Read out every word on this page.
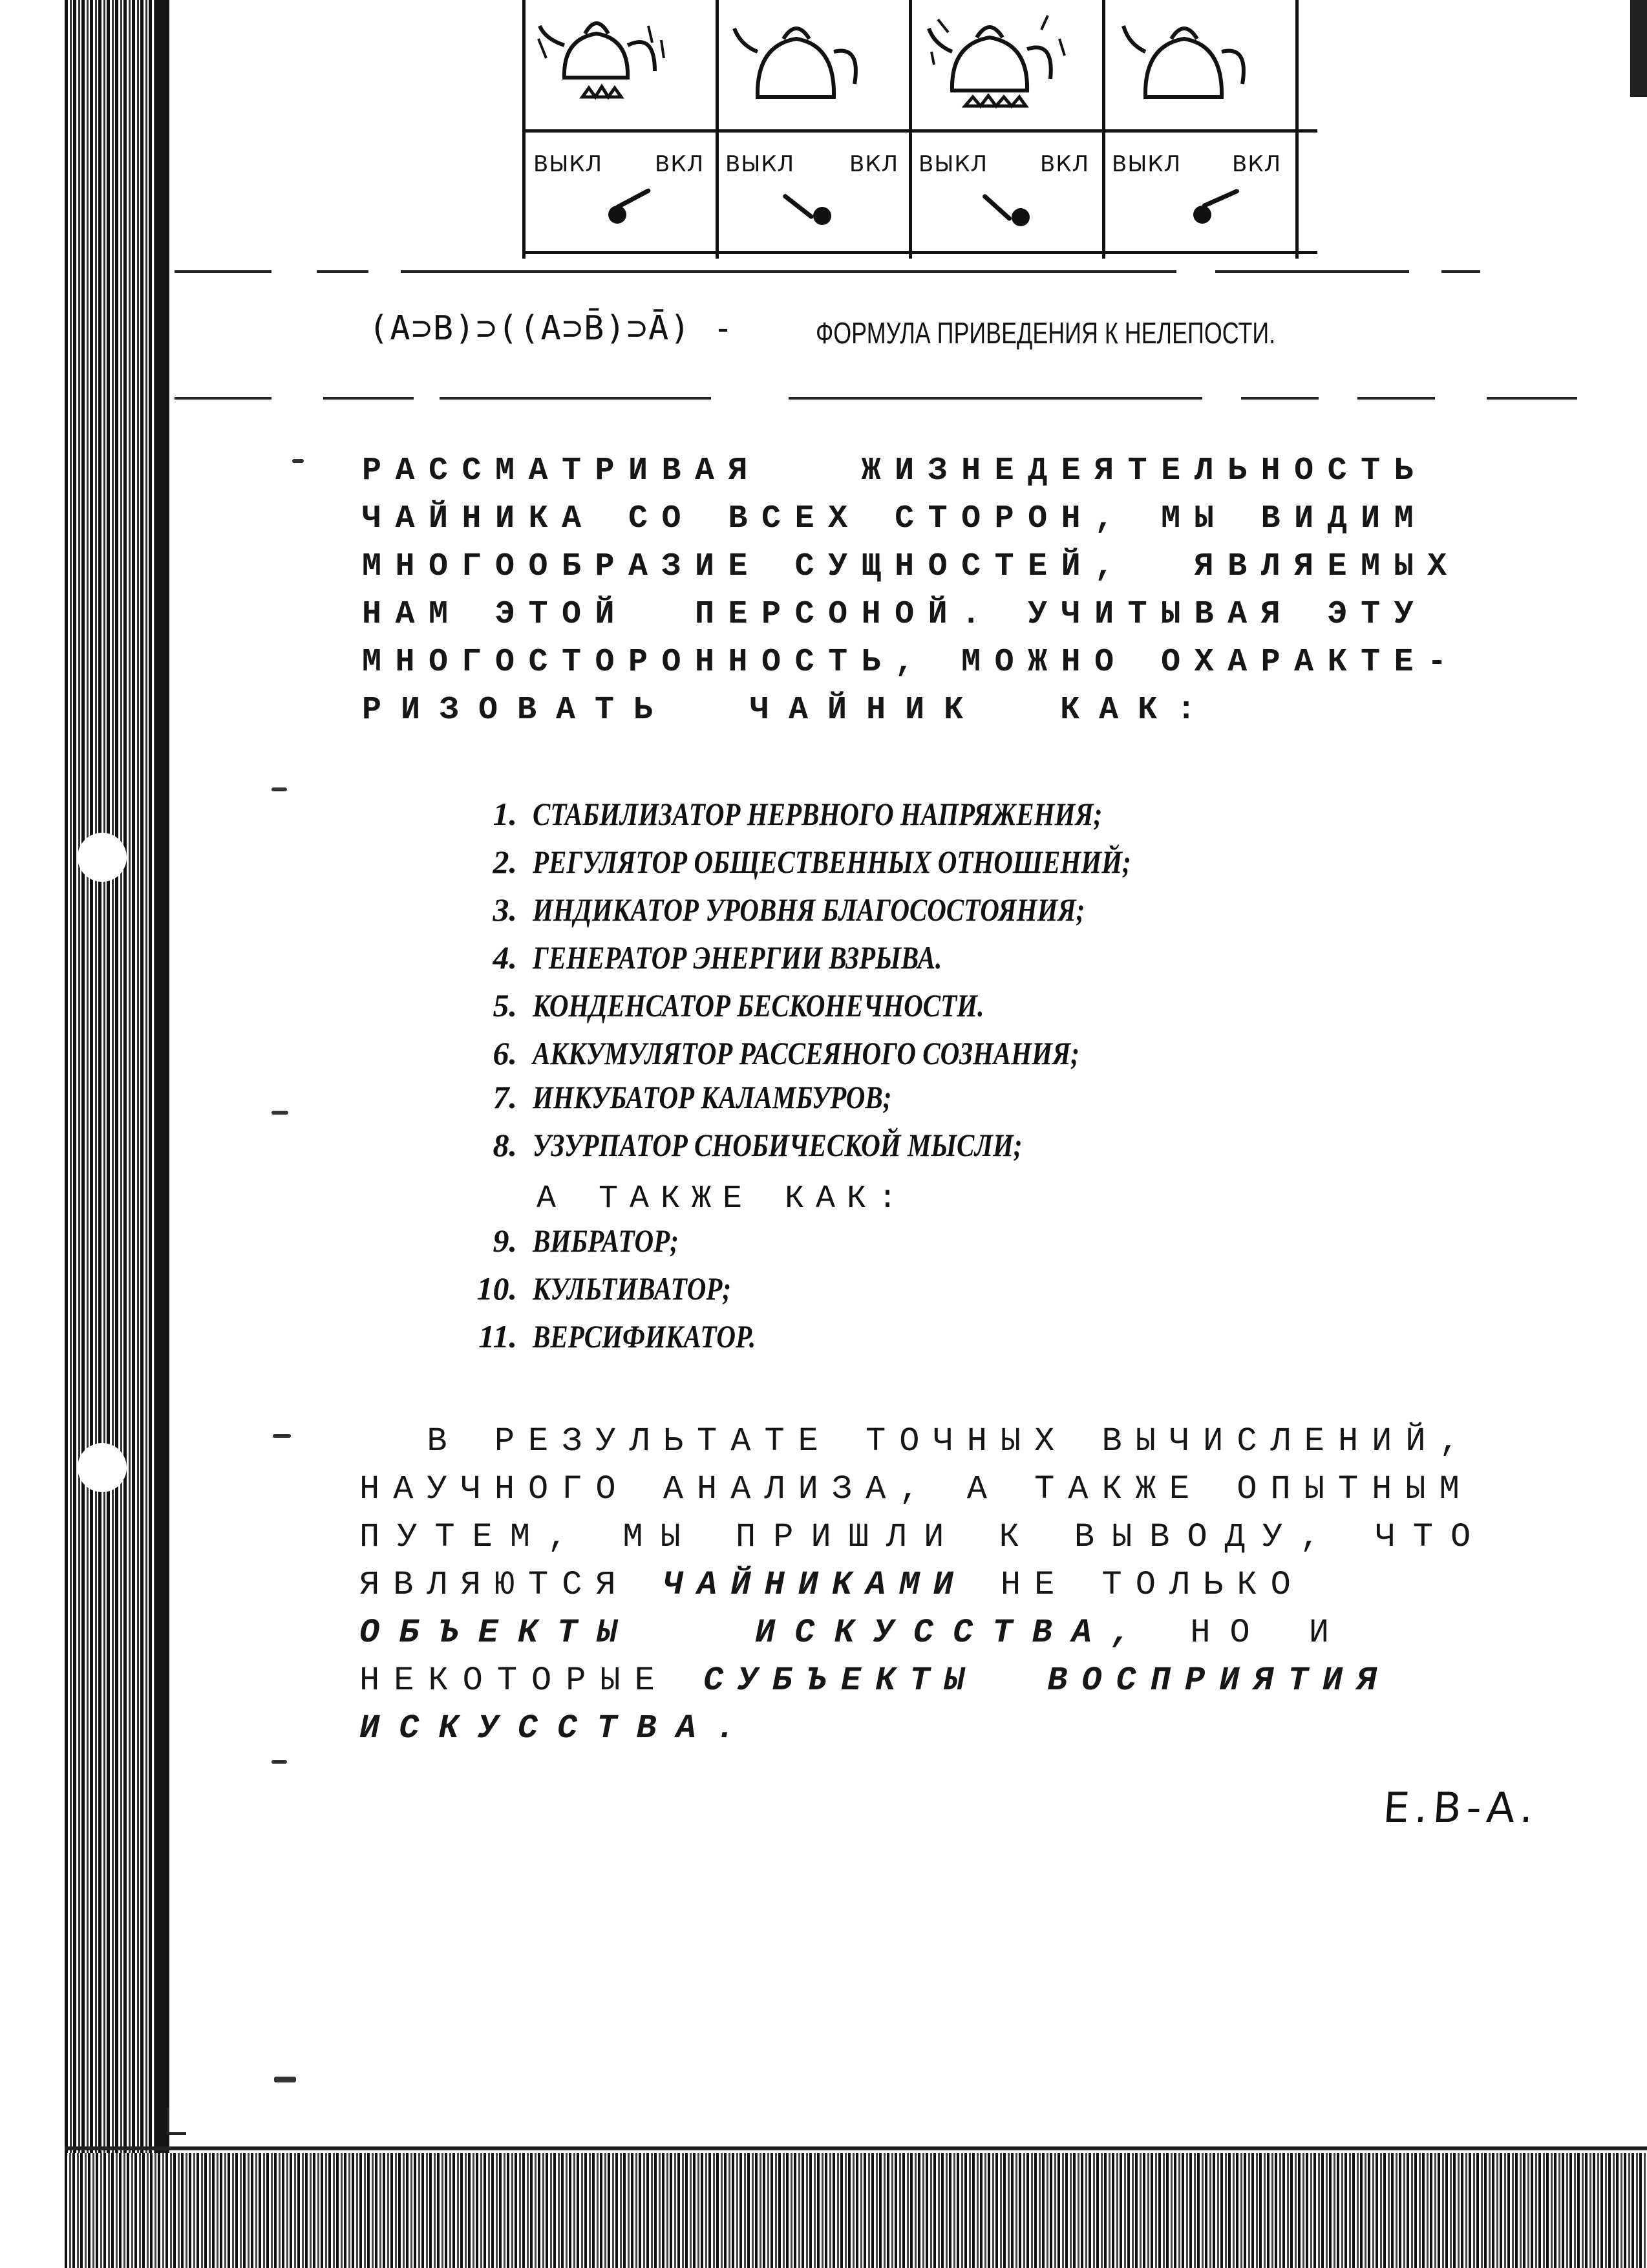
ВЫКЛ ВКЛ ВЫКЛ ВКЛ ВЫКЛ ВКЛ ВЫКЛ ВКЛ
(A⊃B)⊃((A⊃B̄)⊃Ā) -	ФОРМУЛА ПРИВЕДЕНИЯ К НЕЛЕПОСТИ.

РАССМАТРИВАЯ   ЖИЗНЕДЕЯТЕЛЬНОСТЬ

ЧАЙНИКА СО ВСЕХ СТОРОН, МЫ ВИДИМ

МНОГООБРАЗИЕ СУЩНОСТЕЙ,  ЯВЛЯЕМЫХ

НАМ ЭТОЙ  ПЕРСОНОЙ. УЧИТЫВАЯ ЭТУ

МНОГОСТОРОННОСТЬ, МОЖНО ОХАРАКТЕ-

РИЗОВАТЬ  ЧАЙНИК  КАК:

1. СТАБИЛИЗАТОР НЕРВНОГО НАПРЯЖЕНИЯ;
2. РЕГУЛЯТОР ОБЩЕСТВЕННЫХ ОТНОШЕНИЙ;
3. ИНДИКАТОР УРОВНЯ БЛАГОСОСТОЯНИЯ;
4. ГЕНЕРАТОР ЭНЕРГИИ ВЗРЫВА.
5. КОНДЕНСАТОР БЕСКОНЕЧНОСТИ.
6. АККУМУЛЯТОР РАССЕЯНОГО СОЗНАНИЯ;
7. ИНКУБАТОР КАЛАМБУРОВ;
8. УЗУРПАТОР СНОБИЧЕСКОЙ МЫСЛИ;
9. ВИБРАТОР;
10. КУЛЬТИВАТОР;
11. ВЕРСИФИКАТОР.
А ТАКЖЕ КАК:
В РЕЗУЛЬТАТЕ ТОЧНЫХ ВЫЧИСЛЕНИЙ,
НАУЧНОГО АНАЛИЗА, А ТАКЖЕ ОПЫТНЫМ
ПУТЕМ, МЫ ПРИШЛИ К ВЫВОДУ, ЧТО
ЯВЛЯЮТСЯ ЧАЙНИКАМИ НЕ ТОЛЬКО
ОБЪЕКТЫ   ИСКУССТВА, НО И
НЕКОТОРЫЕ СУБЪЕКТЫ  ВОСПРИЯТИЯ
ИСКУССТВА.
Е.В-А.
